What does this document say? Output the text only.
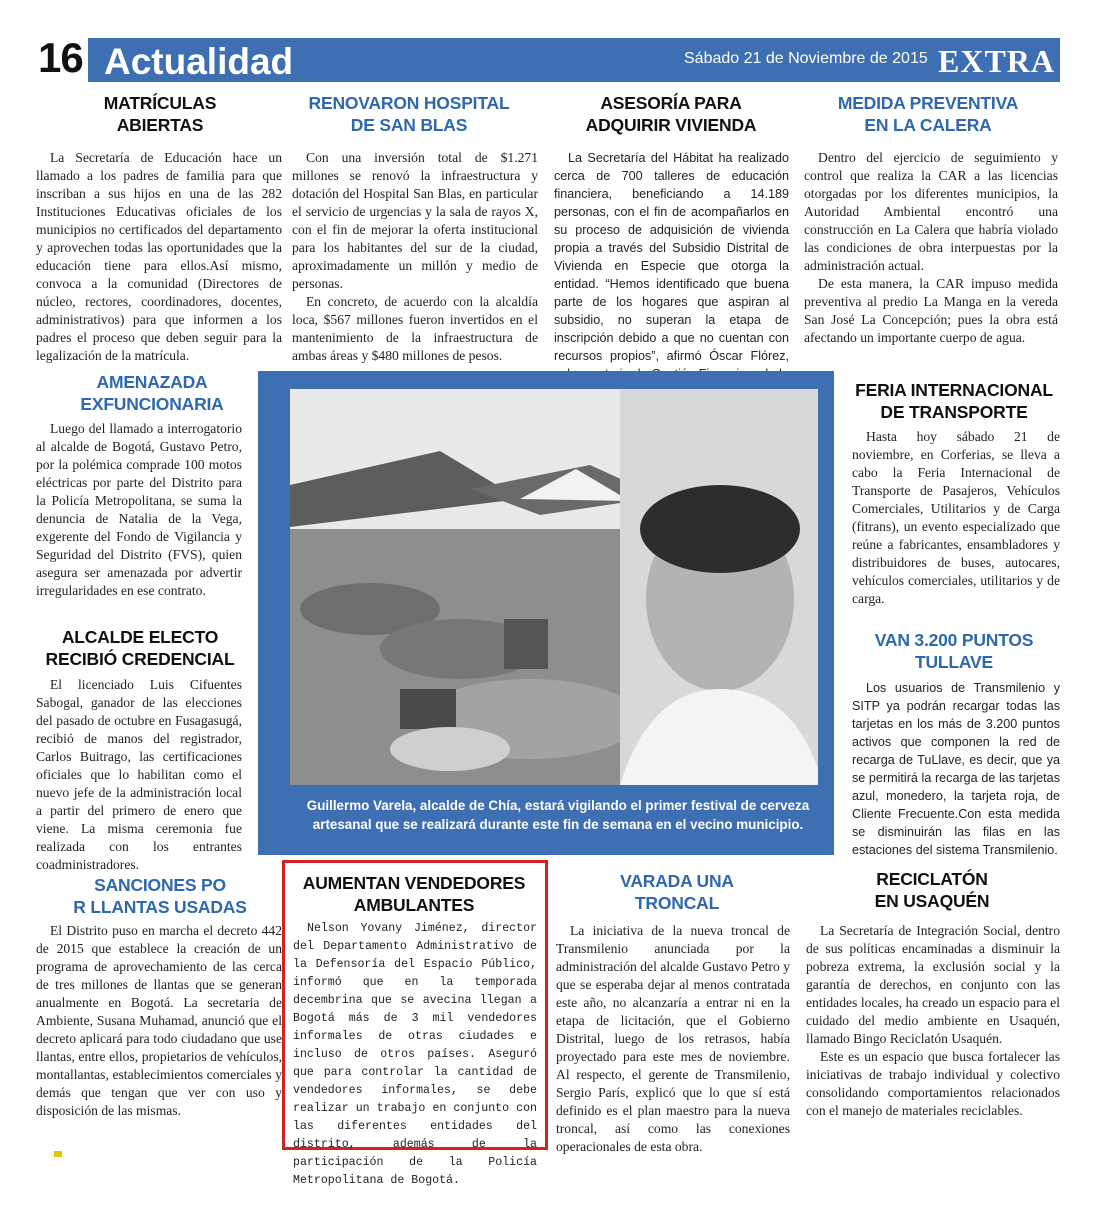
16 Actualidad	Sábado 21 de Noviembre de 2015 EXTRA
MATRÍCULAS
ABIERTAS

La Secretaría de Educación hace un llamado a los padres de familia para que inscriban a sus hijos en una de las 282 Instituciones Educativas oficiales de los municipios no certificados del departamento y aprovechen todas las oportunidades que la educación tiene para ellos.Así mismo, convoca a la comunidad (Directores de núcleo, rectores, coordinadores, docentes, administrativos) para que informen a los padres el proceso que deben seguir para la legalización de la matrícula.

RENOVARON HOSPITAL
DE SAN BLAS

Con una inversión total de $1.271 millones se renovó la infraestructura y dotación del Hospital San Blas, en particular el servicio de urgencias y la sala de rayos X, con el fin de mejorar la oferta institucional para los habitantes del sur de la ciudad, aproximadamente un millón y medio de personas.

En concreto, de acuerdo con la alcaldía loca, $567 millones fueron invertidos en el mantenimiento de la infraestructura de ambas áreas y $480 millones de pesos.

ASESORÍA PARA
ADQUIRIR VIVIENDA

La Secretaría del Hábitat ha realizado cerca de 700 talleres de educación financiera, beneficiando a 14.189 personas, con el fin de acompañarlos en su proceso de adquisición de vivienda propia a través del Subsidio Distrital de Vivienda en Especie que otorga la entidad. “Hemos identificado que buena parte de los hogares que aspiran al subsidio, no superan la etapa de inscripción debido a que no cuentan con recursos propios”, afirmó Óscar Flórez,

MEDIDA PREVENTIVA
EN LA CALERA

Dentro del ejercicio de seguimiento y control que realiza la CAR a las licencias otorgadas por los diferentes municipios, la Autoridad Ambiental encontró una construcción en La Calera que habría violado las condiciones de obra interpuestas por la administración actual.

De esta manera, la CAR impuso medida preventiva al predio La Manga en la vereda San José La Concepción; pues la obra está afectando un importante cuerpo de agua.

AMENAZADA
EXFUNCIONARIA

Luego del llamado a interrogatorio al alcalde de Bogotá, Gustavo Petro, por la polémica comprade 100 motos eléctricas por parte del Distrito para la Policía Metropolitana, se suma la denuncia de Natalia de la Vega, exgerente del Fondo de Vigilancia y Seguridad del Distrito (FVS), quien asegura ser amenazada por advertir irregularidades en ese contrato.

ALCALDE ELECTO
RECIBIÓ CREDENCIAL

El licenciado Luis Cifuentes Sabogal, ganador de las elecciones del pasado de octubre en Fusagasugá, recibió de manos del registrador, Carlos Buitrago, las certificaciones oficiales que lo habilitan como el nuevo jefe de la administración local a partir del primero de enero que viene. La misma ceremonia fue realizada con los entrantes coadministradores.

Guillermo Varela, alcalde de Chía, estará vigilando el primer festival de cerveza artesanal que se realizará durante este fin de semana en el vecino municipio.
FERIA INTERNACIONAL
DE TRANSPORTE

Hasta hoy sábado 21 de noviembre, en Corferias, se lleva a cabo la Feria Internacional de Transporte de Pasajeros, Vehículos Comerciales, Utilitarios y de Carga (fitrans), un evento especializado que reúne a fabricantes, ensambladores y distribuidores de buses, autocares, vehículos comerciales, utilitarios y de carga.

VAN 3.200 PUNTOS
TULLAVE

Los usuarios de Transmilenio y SITP ya podrán recargar todas las tarjetas en los más de 3.200 puntos activos que componen la red de recarga de TuLlave, es decir, que ya se permitirá la recarga de las tarjetas azul, monedero, la tarjeta roja, de Cliente Frecuente.Con esta medida se disminuirán las filas en las estaciones del sistema Transmilenio.

SANCIONES PO
R LLANTAS USADAS

El Distrito puso en marcha el decreto 442 de 2015 que establece la creación de un programa de aprovechamiento de las cerca de tres millones de llantas que se generan anualmente en Bogotá. La secretaria de Ambiente, Susana Muhamad, anunció que el decreto aplicará para todo ciudadano que use llantas, entre ellos, propietarios de vehículos, montallantas, establecimientos comerciales y demás que tengan que ver con uso y disposición de las mismas.

AUMENTAN VENDEDORES
AMBULANTES

Nelson Yovany Jiménez, director del Departamento Administrativo de la Defensoría del Espacio Público, informó que en la temporada decembrina que se avecina llegan a Bogotá más de 3 mil vendedores informales de otras ciudades e incluso de otros países. Aseguró que para controlar la cantidad de vendedores informales, se debe realizar un trabajo en conjunto con las diferentes entidades del distrito, además de la participación de la Policía Metropolitana de Bogotá.

VARADA UNA
TRONCAL

La iniciativa de la nueva troncal de Transmilenio anunciada por la administración del alcalde Gustavo Petro y que se esperaba dejar al menos contratada este año, no alcanzaría a entrar ni en la etapa de licitación, que el Gobierno Distrital, luego de los retrasos, había proyectado para este mes de noviembre. Al respecto, el gerente de Transmilenio, Sergio París, explicó que lo que sí está definido es el plan maestro para la nueva troncal, así como las conexiones operacionales de esta obra.

RECICLATÓN
EN USAQUÉN

La Secretaría de Integración Social, dentro de sus políticas encaminadas a disminuir la pobreza extrema, la exclusión social y la garantía de derechos, en conjunto con las entidades locales, ha creado un espacio para el cuidado del medio ambiente en Usaquén, llamado Bingo Reciclatón Usaquén.

Este es un espacio que busca fortalecer las iniciativas de trabajo individual y colectivo consolidando comportamientos relacionados con el manejo de materiales reciclables.
